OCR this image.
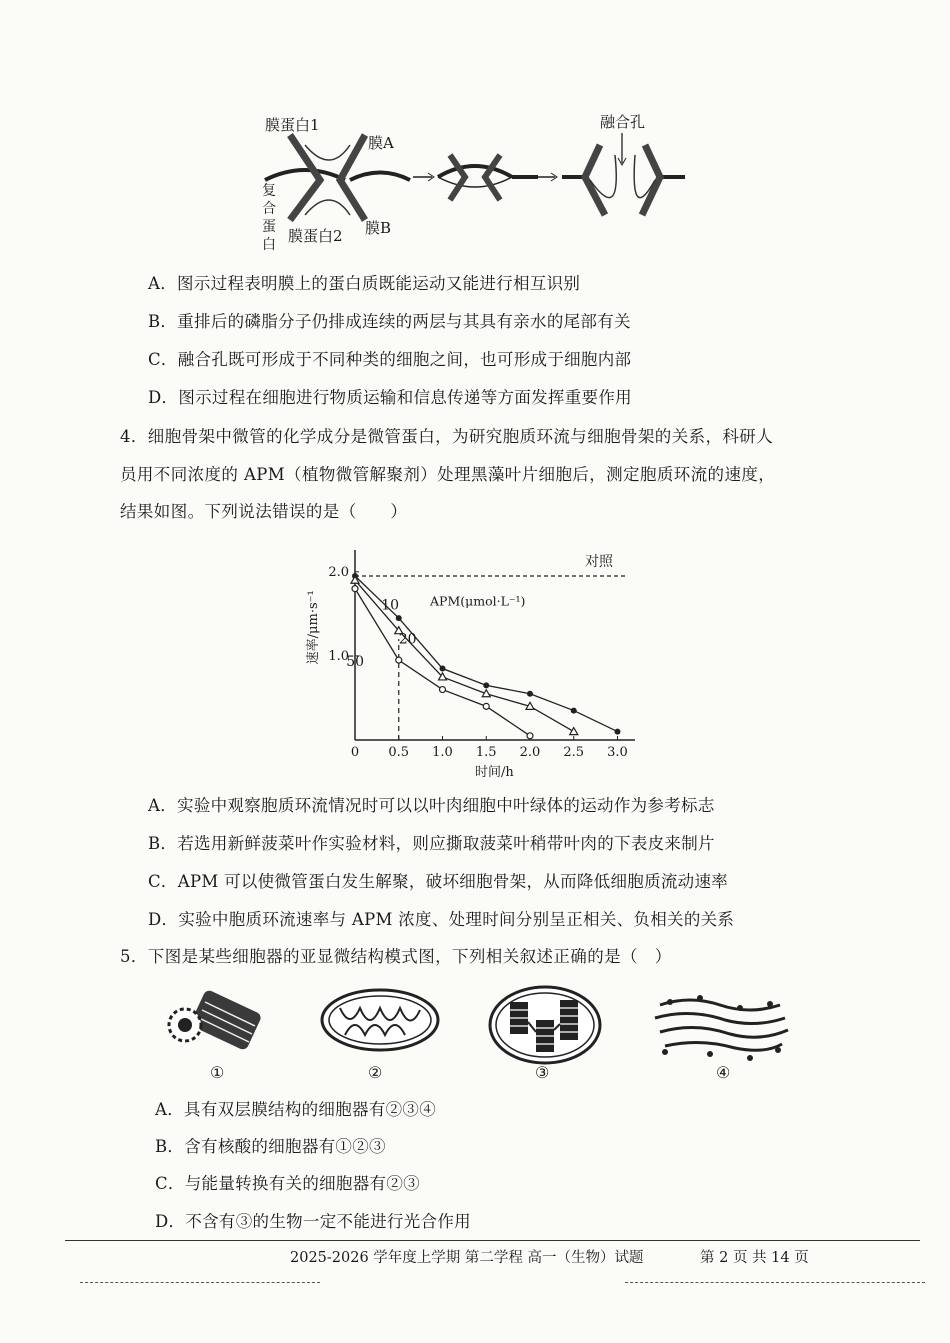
膜蛋白1
膜A
复
合
蛋
白 膜蛋白2 膜B
融合孔
A．图示过程表明膜上的蛋白质既能运动又能进行相互识别
B．重排后的磷脂分子仍排成连续的两层与其具有亲水的尾部有关
C．融合孔既可形成于不同种类的细胞之间，也可形成于细胞内部
D．图示过程在细胞进行物质运输和信息传递等方面发挥重要作用
4．细胞骨架中微管的化学成分是微管蛋白，为研究胞质环流与细胞骨架的关系，科研人
员用不同浓度的 APM（植物微管解聚剂）处理黑藻叶片细胞后，测定胞质环流的速度，
结果如图。下列说法错误的是（　　）
0 0.5 1.0 1.5 2.0 2.5 3.0
1.0
2.0
对照
APM(μmol·L⁻¹)
时间/h
速率/μm·s⁻¹	10
20
50
A．实验中观察胞质环流情况时可以以叶肉细胞中叶绿体的运动作为参考标志
B．若选用新鲜菠菜叶作实验材料，则应撕取菠菜叶稍带叶肉的下表皮来制片
C．APM 可以使微管蛋白发生解聚，破坏细胞骨架，从而降低细胞质流动速率
D．实验中胞质环流速率与 APM 浓度、处理时间分别呈正相关、负相关的关系
5．下图是某些细胞器的亚显微结构模式图，下列相关叙述正确的是（　）
①	②	③	④
A．具有双层膜结构的细胞器有②③④
B．含有核酸的细胞器有①②③
C．与能量转换有关的细胞器有②③
D．不含有③的生物一定不能进行光合作用
2025-2026 学年度上学期 第二学程 高一（生物）试题	第 2 页 共 14 页
